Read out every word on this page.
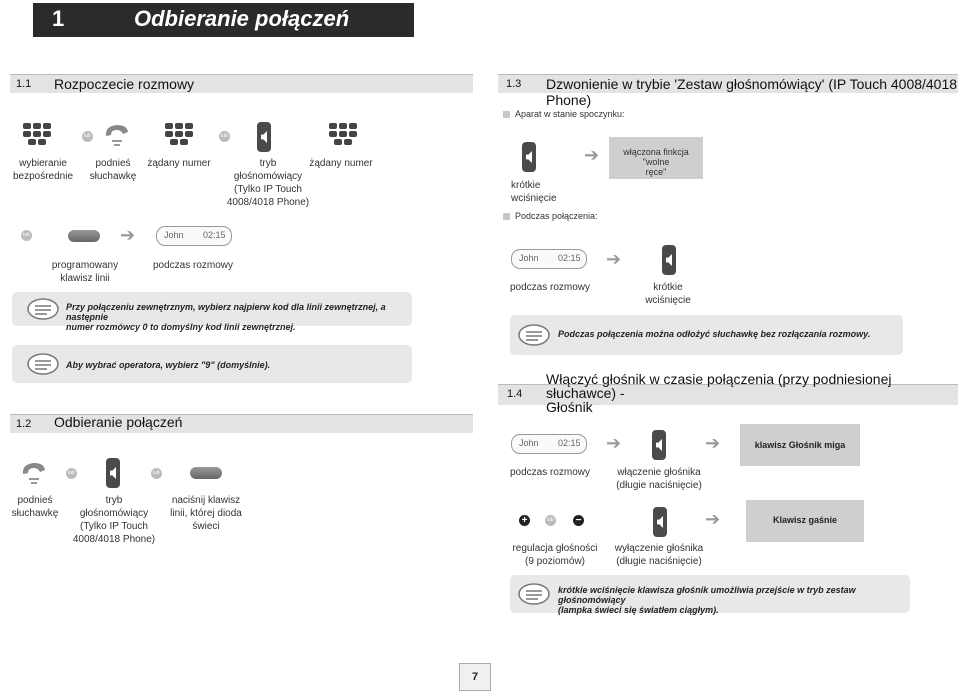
1	Odbieranie połączeń
1.1 Rozpoczecie rozmowy
lub	lub
wybieranie
bezpośrednie
podnieś
słuchawkę
żądany numer	tryb
głośnomówiący
(Tylko IP Touch
4008/4018 Phone)
żądany numer
lub	➔	John 02:15
programowany
klawisz linii
podczas rozmowy
Przy połączeniu zewnętrznym, wybierz najpierw kod dla linii zewnętrznej, a następnie
numer rozmówcy 0 to domyślny kod linii zewnętrznej.
Aby wybrać operatora, wybierz "9" (domyślnie).
1.2 Odbieranie połączeń
lub	lub
podnieś
słuchawkę
tryb
głośnomówiący
(Tylko IP Touch
4008/4018 Phone)
naciśnij klawisz
linii, której dioda
świeci
1.3 Dzwonienie w trybie 'Zestaw głośnomówiący' (IP Touch 4008/4018 Phone)
Aparat w stanie spoczynku:
➔	włączona finkcja "wolne
ręce"
krótkie
wciśnięcie
Podczas połączenia:
John 02:15 ➔
podczas rozmowy	krótkie
wciśnięcie
Podczas połączenia można odłożyć słuchawkę bez rozłączania rozmowy.
1.4
Włączyć głośnik w czasie połączenia (przy podniesionej słuchawce) -
Głośnik
John 02:15 ➔	➔	klawisz Głośnik miga
podczas rozmowy	włączenie głośnika
(długie naciśnięcie)
+	lub −	➔	Klawisz gaśnie
regulacja głośności
(9 poziomów)
wyłączenie głośnika
(długie naciśnięcie)
krótkie wciśnięcie klawisza głośnik umożliwia przejście w tryb zestaw głośnomówiący
(lampka świeci się światłem ciągłym).
7
